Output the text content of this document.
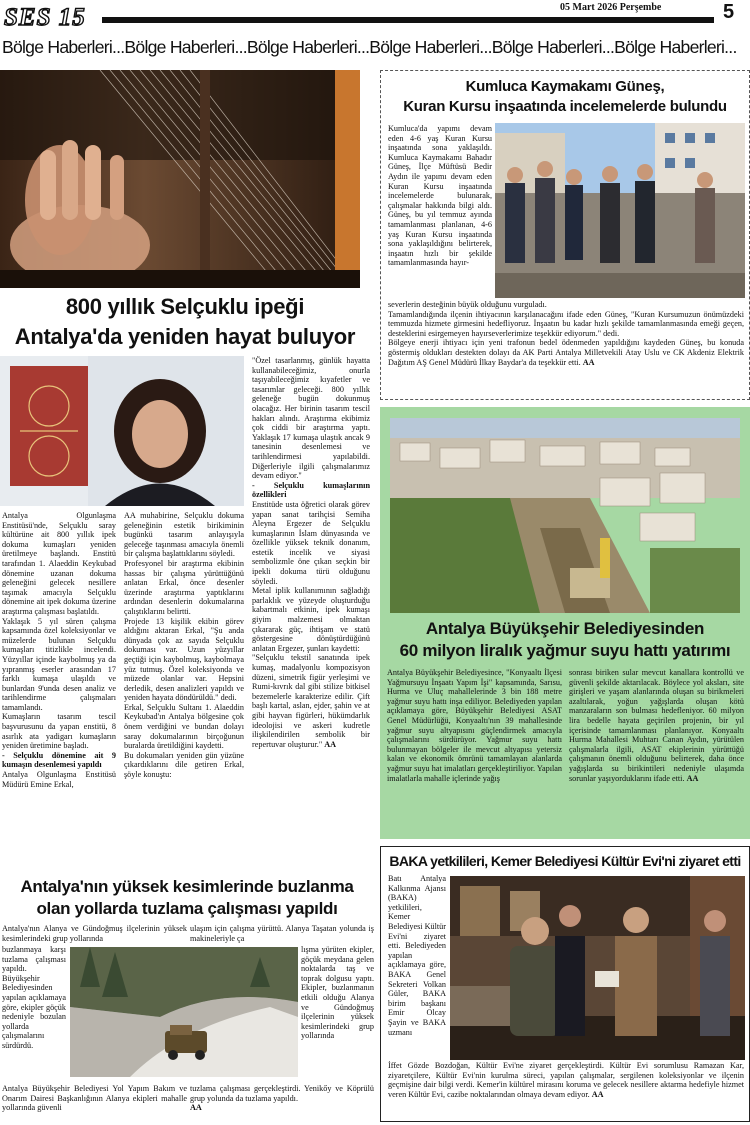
SES 15	05 Mart 2026 Perşembe	5
Bölge Haberleri...Bölge Haberleri...Bölge Haberleri...Bölge Haberleri...Bölge Haberleri...Bölge Haberleri...
800 yıllık Selçuklu ipeği
Antalya'da yeniden hayat buluyor
Antalya Olgunlaşma Enstitüsü'nde, Selçuklu saray kültürüne ait 800 yıllık ipek dokuma kumaşları yeniden üretilmeye başlandı. Enstitü tarafından 1. Alaeddin Keykubad dönemine uzanan dokuma geleneğini gelecek nesillere taşımak amacıyla Selçuklu dönemine ait ipek dokuma üzerine araştırma çalışması başlatıldı.
Yaklaşık 5 yıl süren çalışma kapsamında özel koleksiyonlar ve müzelerde bulunan Selçuklu kumaşları titizlikle incelendi. Yüzyıllar içinde kaybolmuş ya da yıpranmış eserler arasından 17 farklı kumaşa ulaşıldı ve bunlardan 9'unda desen analiz ve tarihlendirme çalışmaları tamamlandı.
Kumaşların tasarım tescil başvurusunu da yapan enstitü, 8 asırlık ata yadigarı kumaşların yeniden üretimine başladı.
- Selçuklu dönemine ait 9 kumaşın desenlemesi yapıldı
Antalya Olgunlaşma Enstitüsü Müdürü Emine Erkal,
AA muhabirine, Selçuklu dokuma geleneğinin estetik birikiminin bugünkü tasarım anlayışıyla geleceğe taşınması amacıyla önemli bir çalışma başlattıklarını söyledi.
Profesyonel bir araştırma ekibinin hassas bir çalışma yürüttüğünü anlatan Erkal, önce desenler üzerinde araştırma yaptıklarını ardından desenlerin dokumalarına çalıştıklarını belirtti.
Projede 13 kişilik ekibin görev aldığını aktaran Erkal, "Şu anda dünyada çok az sayıda Selçuklu dokuması var. Uzun yüzyıllar geçtiği için kaybolmuş, kaybolmaya yüz tutmuş. Özel koleksiyonda ve müzede olanlar var. Hepsini derledik, desen analizleri yapıldı ve yeniden hayata döndürüldü." dedi.
Erkal, Selçuklu Sultanı 1. Alaeddin Keykubad'ın Antalya bölgesine çok önem verdiğini ve bundan dolayı saray dokumalarının birçoğunun buralarda üretildiğini kaydetti.
Bu dokumaları yeniden gün yüzüne çıkardıklarını dile getiren Erkal, şöyle konuştu:
"Özel tasarlanmış, günlük hayatta kullanabileceğimiz, onurla taşıyabileceğimiz kıyafetler ve tasarımlar geleceği. 800 yıllık geleneğe bugün dokunmuş olacağız. Her birinin tasarım tescil hakları alındı. Araştırma ekibimiz çok ciddi bir araştırma yaptı. Yaklaşık 17 kumaşa ulaştık ancak 9 tanesinin desenlemesi ve tarihlendirmesi yapılabildi. Diğerleriyle ilgili çalışmalarımız devam ediyor."
- Selçuklu kumaşlarının özellikleri
Enstitüde usta öğretici olarak görev yapan sanat tarihçisi Semiha Aleyna Ergezer de Selçuklu kumaşlarının İslam dünyasında ve özellikle yüksek teknik donanım, estetik incelik ve siyasi sembolizmle öne çıkan seçkin bir ipekli dokuma türü olduğunu söyledi.
Metal iplik kullanımının sağladığı parlaklık ve yüzeyde oluşturduğu kabartmalı etkinin, ipek kumaşı giyim malzemesi olmaktan çıkararak güç, ihtişam ve statü göstergesine dönüştürdüğünü anlatan Ergezer, şunları kaydetti:
"Selçuklu tekstil sanatında ipek kumaş, madalyonlu kompozisyon düzeni, simetrik figür yerleşimi ve Rumi-kıvrık dal gibi stilize bitkisel bezemelerle karakterize edilir. Çift başlı kartal, aslan, ejder, şahin ve at gibi hayvan figürleri, hükümdarlık ideolojisi ve askeri kudretle ilişkilendirilen sembolik bir repertuvar oluşturur." AA
Antalya'nın yüksek kesimlerinde buzlanma
olan yollarda tuzlama çalışması yapıldı
Antalya'nın Alanya ve Gündoğmuş ilçelerinin yüksek kesimlerindeki grup yollarında
buzlanmaya karşı tuzlama çalışması yapıldı. Büyükşehir Belediyesinden yapılan açıklamaya göre, ekipler göçük nedeniyle bozulan yollarda çalışmalarını sürdürdü.
ulaşım için çalışma yürüttü. Alanya Taşatan yolunda iş makineleriyle ça
lışma yürüten ekipler, göçük meydana gelen noktalarda taş ve toprak dolgusu yaptı. Ekipler, buzlanmanın etkili olduğu Alanya ve Gündoğmuş ilçelerinin yüksek kesimlerindeki grup yollarında
Antalya Büyükşehir Belediyesi Yol Yapım Bakım ve Onarım Dairesi Başkanlığının Alanya ekipleri mahalle yollarında güvenli
tuzlama çalışması gerçekleştirdi. Yenikőy ve Köprülü grup yolunda da tuzlama yapıldı.
AA
Kumluca Kaymakamı Güneş,
Kuran Kursu inşaatında incelemelerde bulundu
Kumluca'da yapımı devam eden 4-6 yaş Kuran Kursu inşaatında sona yaklaşıldı. Kumluca Kaymakamı Bahadır Güneş, İlçe Müftüsü Bedir Aydın ile yapımı devam eden Kuran Kursu inşaatında incelemelerde bulunarak, çalışmalar hakkında bilgi aldı. Güneş, bu yıl temmuz ayında tamamlanması planlanan, 4-6 yaş Kuran Kursu inşaatında sona yaklaşıldığını belirterek, inşaatın hızlı bir şekilde tamamlanmasında hayır-
severlerin desteğinin büyük olduğunu vurguladı.
Tamamlandığında ilçenin ihtiyacının karşılanacağını ifade eden Güneş, "Kuran Kursumuzun önümüzdeki temmuzda hizmete girmesini hedefliyoruz. İnşaatın bu kadar hızlı şekilde tamamlanmasında emeği geçen, desteklerini esirgemeyen hayırseverlerimize teşekkür ediyorum." dedi.
Bölgeye enerji ihtiyacı için yeni trafonun bedel ödenmeden yapıldığını kaydeden Güneş, bu konuda göstermiş oldukları destekten dolayı da AK Parti Antalya Milletvekili Atay Uslu ve CK Akdeniz Elektrik Dağıtım AŞ Genel Müdürü İlkay Baydar'a da teşekkür etti. AA
Antalya Büyükşehir Belediyesinden
60 milyon liralık yağmur suyu hattı yatırımı
Antalya Büyükşehir Belediyesince, "Konyaaltı İlçesi Yağmursuyu İnşaatı Yapım İşi" kapsamında, Sarısu, Hurma ve Uluç mahallelerinde 3 bin 188 metre yağmur suyu hattı inşa ediliyor. Belediyeden yapılan açıklamaya göre, Büyükşehir Belediyesi ASAT Genel Müdürlüğü, Konyaaltı'nın 39 mahallesinde yağmur suyu altyapısını güçlendirmek amacıyla çalışmalarını sürdürüyor. Yağmur suyu hattı bulunmayan bölgeler ile mevcut altyapısı yetersiz kalan ve ekonomik ömrünü tamamlayan alanlarda yağmur suyu hat imalatları gerçekleştiriliyor. Yapılan imalatlarla mahalle içlerinde yağış
sonrası biriken sular mevcut kanallara kontrollü ve güvenli şekilde aktarılacak. Böylece yol aksları, site girişleri ve yaşam alanlarında oluşan su birikmeleri azaltılarak, yoğun yağışlarda oluşan kötü manzaraların son bulması hedefleniyor. 60 milyon lira bedelle hayata geçirilen projenin, bir yıl içerisinde tamamlanması planlanıyor. Konyaaltı Hurma Mahallesi Muhtarı Canan Aydın, yürütülen çalışmalarla ilgili, ASAT ekiplerinin yürüttüğü çalışmanın önemli olduğunu belirterek, daha önce yağışlarda su birikintileri nedeniyle ulaşımda sorunlar yaşıyorduklarını ifade etti. AA
BAKA yetkilileri, Kemer Belediyesi Kültür Evi'ni ziyaret etti
Batı Antalya Kalkınma Ajansı (BAKA) yetkilileri, Kemer Belediyesi Kültür Evi'ni ziyaret etti. Belediyeden yapılan açıklamaya göre, BAKA Genel Sekreteri Volkan Güler, BAKA birim başkanı Emir Olcay Şayin ve BAKA uzmanı
İffet Gözde Bozdoğan, Kültür Evi'ne ziyaret gerçekleştirdi. Kültür Evi sorumlusu Ramazan Kar, ziyaretçilere, Kültür Evi'nin kurulma süreci, yapılan çalışmalar, sergilenen koleksiyonlar ve ilçenin geçmişine dair bilgi verdi. Kemer'in kültürel mirasını koruma ve gelecek nesillere aktarma hedefiyle hizmet veren Kültür Evi, cazibe noktalarından olmaya devam ediyor. AA
